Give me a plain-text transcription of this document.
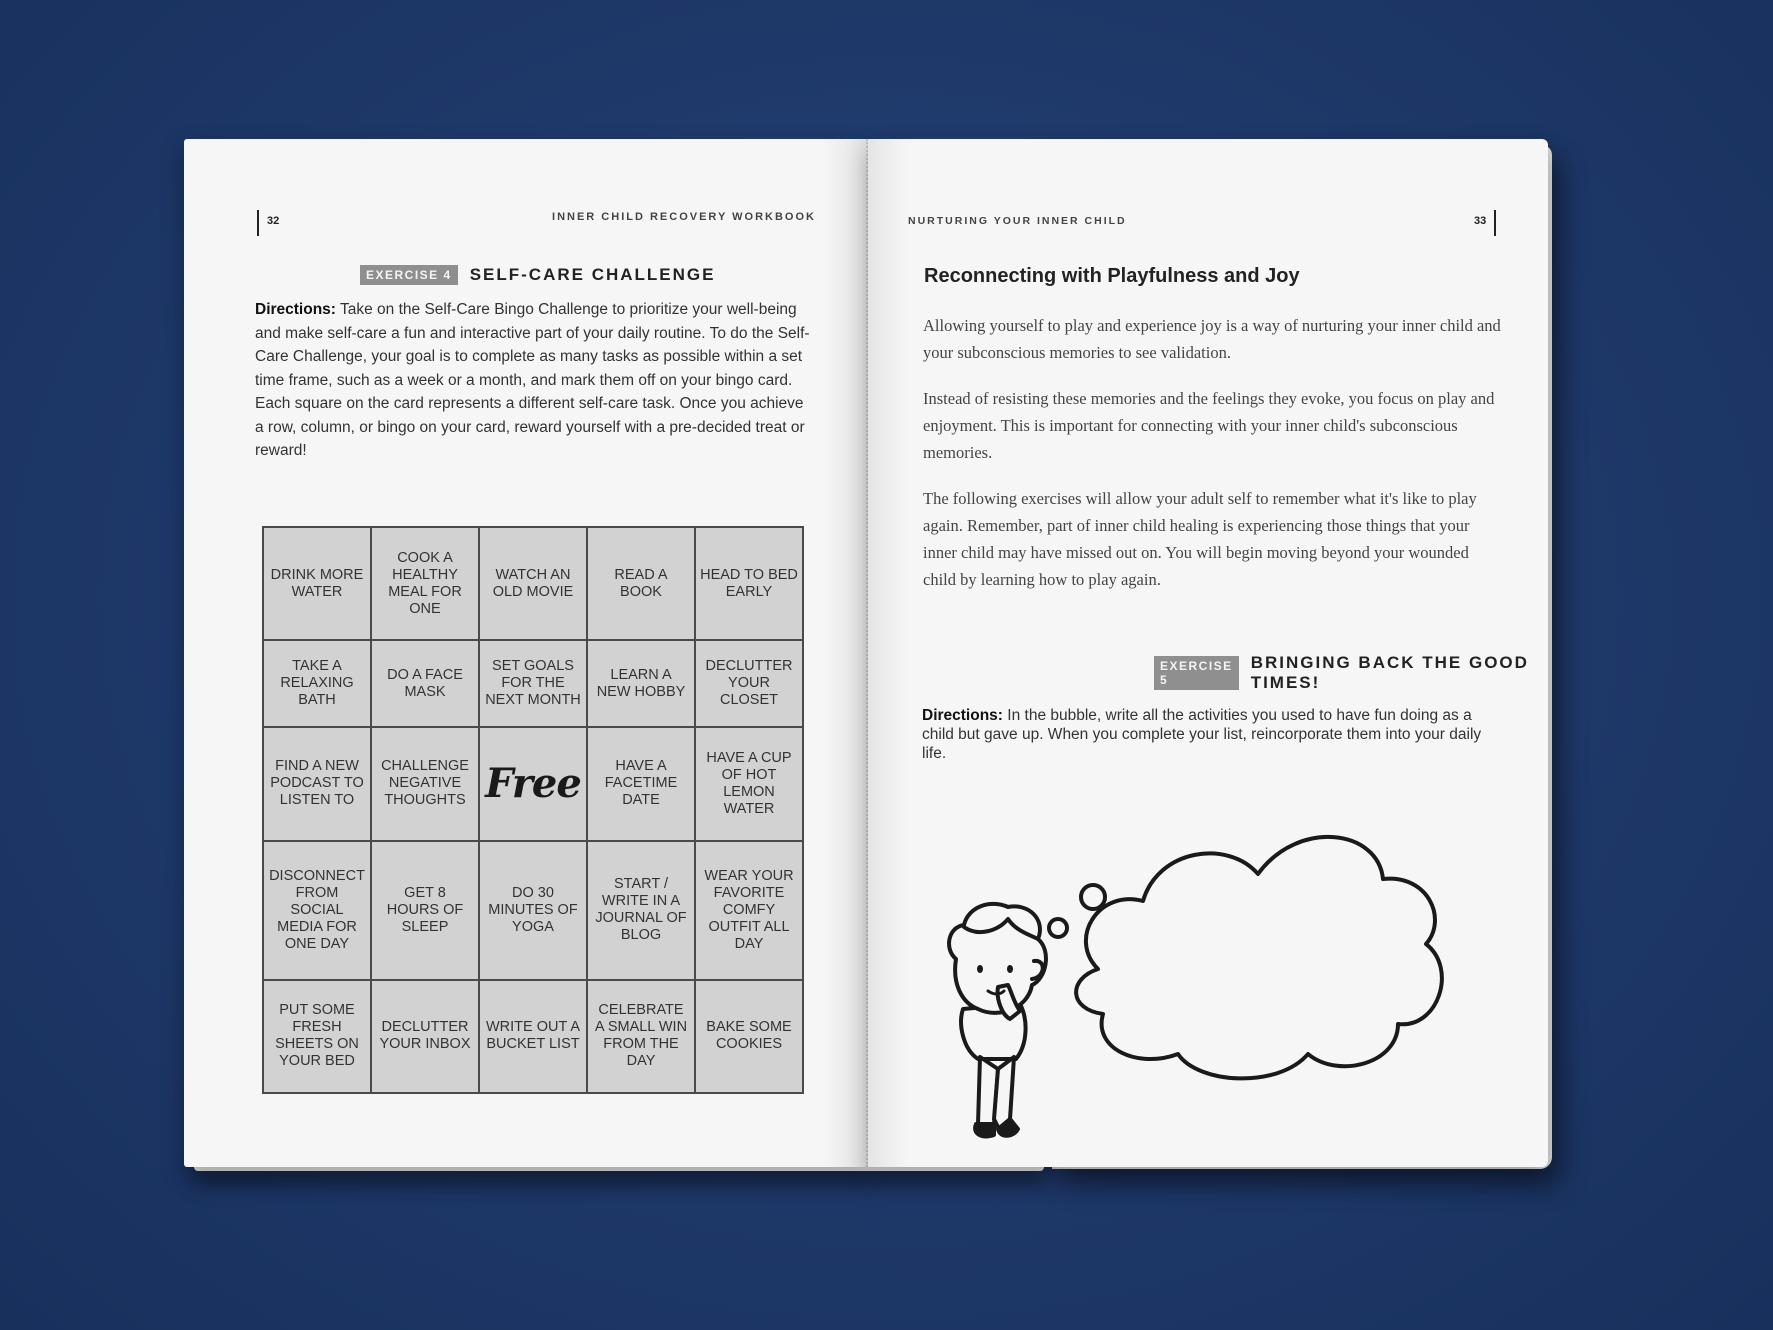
32	INNER CHILD RECOVERY WORKBOOK
EXERCISE 4	SELF-CARE CHALLENGE

Directions: Take on the Self-Care Bingo Challenge to prioritize your well-being and make self-care a fun and interactive part of your daily routine. To do the Self-Care Challenge, your goal is to complete as many tasks as possible within a set time frame, such as a week or a month, and mark them off on your bingo card. Each square on the card represents a different self-care task. Once you achieve a row, column, or bingo on your card, reward yourself with a pre-decided treat or reward!

DRINK MORE WATER	COOK A HEALTHY MEAL FOR ONE	WATCH AN OLD MOVIE	READ A BOOK	HEAD TO BED EARLY
TAKE A RELAXING BATH	DO A FACE MASK	SET GOALS FOR THE NEXT MONTH	LEARN A NEW HOBBY	DECLUTTER YOUR CLOSET
FIND A NEW PODCAST TO LISTEN TO	CHALLENGE NEGATIVE THOUGHTS	Free	HAVE A FACETIME DATE	HAVE A CUP OF HOT LEMON WATER
DISCONNECT FROM SOCIAL MEDIA FOR ONE DAY	GET 8 HOURS OF SLEEP	DO 30 MINUTES OF YOGA	START / WRITE IN A JOURNAL OF BLOG	WEAR YOUR FAVORITE COMFY OUTFIT ALL DAY
PUT SOME FRESH SHEETS ON YOUR BED	DECLUTTER YOUR INBOX	WRITE OUT A BUCKET LIST	CELEBRATE A SMALL WIN FROM THE DAY	BAKE SOME COOKIES
NURTURING YOUR INNER CHILD	33
Reconnecting with Playfulness and Joy

Allowing yourself to play and experience joy is a way of nurturing your inner child and your subconscious memories to see validation.

Instead of resisting these memories and the feelings they evoke, you focus on play and enjoyment. This is important for connecting with your inner child's subconscious memories.

The following exercises will allow your adult self to remember what it's like to play again. Remember, part of inner child healing is experiencing those things that your inner child may have missed out on. You will begin moving beyond your wounded child by learning how to play again.

EXERCISE 5
BRINGING BACK THE GOOD TIMES!

Directions: In the bubble, write all the activities you used to have fun doing as a child but gave up. When you complete your list, reincorporate them into your daily life.
